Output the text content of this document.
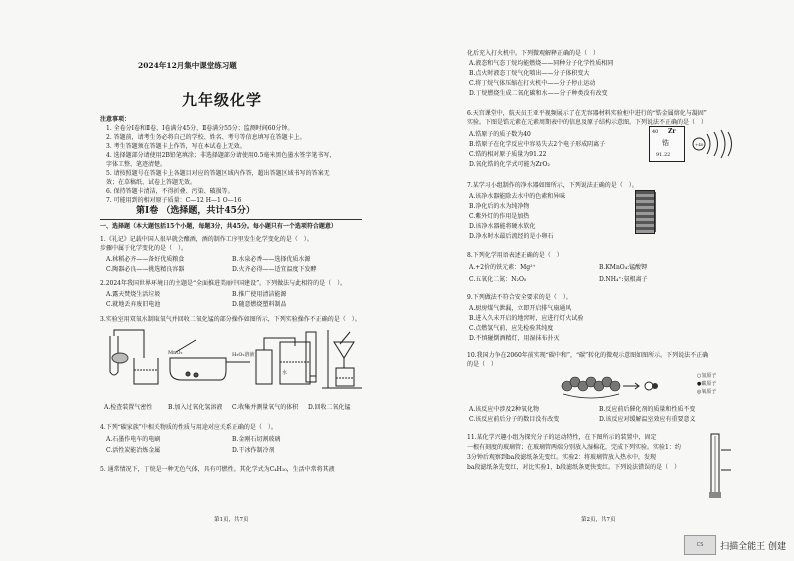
2024年12月集中课堂练习题
九年级化学
注意事项：
1. 全卷分Ⅰ卷和Ⅱ卷，Ⅰ卷满分45分，Ⅱ卷满分55分；监测时间60分钟。
2. 答题前，请考生务必将自己的学校、姓名、考号等信息填写在答题卡上。
3. 考生答题须在答题卡上作答，写在本试卷上无效。
4. 选择题部分请使用2B铅笔填涂；非选择题部分请使用0.5毫米黑色墨水签字笔书写，
字体工整、笔迹清楚。
5. 请按照题号在答题卡上各题目对应的答题区域内作答，超出答题区域书写的答案无
效；在草稿纸、试卷上答题无效。
6. 保持答题卡清洁，不得折叠、污染、破损等。
7. 可能用到的相对原子质量：C—12 H—1 O—16
第Ⅰ卷 （选择题，共计45分）
一、选择题（本大题包括15个小题，每题3分，共45分。每小题只有一个选项符合题意）
1.《礼记》记载中国人很早就会酿酒，酒的制作工序里发生化学变化的是（　）。
步骤中属于化学变化的是（　）。
A.秫稻必齐——备好优质粮食	B.水泉必香——选择优质水源
C.陶器必良——挑选精良容器	D.火齐必得——适宜温度下发酵
2.2024年我国世界环境日的主题是“全面推进美丽中国建设”。下列做法与此相符的是（　）。
A.露天焚烧生活垃圾	B.推广使用清洁能源
C.就地丢弃废旧电池	D.随意燃烧塑料制品
3.实验室用双氧水制取氧气并回收二氧化锰的部分操作如图所示，下列实验操作不正确的是（　）。
MnO₂	H₂O₂溶液
水
A.检查装置气密性	B.加入过氧化氢溶液 C.收集并测量氧气的体积 D.回收二氧化锰
4.下列“碳家族”中相关物质的性质与用途对应关系正确的是（　）。
A.石墨作电车的电刷	B.金刚石切割玻璃
C.活性炭能冶炼金属	D.干冰作制冷剂
5. 通常情况下，丁烷是一种无色气体，具有可燃性。其化学式为C₄H₁₀，生活中常将其液
第1页，共7页
化后充入打火机中。下列微观解释正确的是（　）
A.液态和气态丁烷均能燃烧——同种分子化学性质相同
B.点火时液态丁烷气化喷出——分子体积变大
C.将丁烷气体压缩在打火机中——分子停止运动
D.丁烷燃烧生成二氧化碳和水——分子种类没有改变
6.天宫课堂中，航天员王亚平视频展示了在无容器材料实验柜中进行的“锆金属熔化与凝固”
实验。下图是锆元素在元素周期表中的信息及原子结构示意图。下列说法不正确的是（　）
A.锆原子的质子数为40
B.锆原子在化学反应中容易失去2个电子形成阴离子
C.锆的相对原子质量为91.22
D.氧化锆的化学式可能为ZrO₂
40 Zr
锆
91.22
+40
7.某学习小组制作的净水器如图所示，下列说法正确的是（　）。
A.该净水器能除去水中的色素和异味
B.净化后的水为纯净物
C.紫外灯的作用是加热
D.该净水器能将硬水软化
D.净水时水最后流经的是小卵石
8.下列化学用语表述正确的是（　）
A.+2价的铁元素：Mg²⁺	B.KMnO₄:锰酸钾
C.五氧化二氮：N₂O₅	D.NH₄⁺:氨根离子
9.下列做法不符合安全要求的是（　）。
A.厨房煤气泄漏，立即开启排气扇通风
B.进入久未开启的地窖时，应进行灯火试验
C.点燃氢气前，应先检验其纯度
D.不慎碰倒酒精灯，用湿抹布扑灭
10.我国力争在2060年前实现“碳中和”，“碳”转化的微观示意图如图所示。下列说法不正确
的是（　）
○氢原子
●碳原子
◎氧原子
A.该反应中涉及2种氧化物	B.反应前后催化剂的质量和性质不变
C.该反应前后分子的数目没有改变	D.该反应对缓解温室效应有重要意义
11.某化学兴趣小组为探究分子的运动特性，在下图所示的装置中，固定
一根有刻度的玻璃管；在玻璃管两端分别放入湿棉花，完成下列实验。实验1：约
3分钟后观察到ba段滤纸条先变红。实验2：将玻璃管放入热水中，发现
ba段滤纸条先变红，对比实验1，b段滤纸条更快变红。下列说法错误的是（　）
第2页，共7页
CS	扫描全能王 创建
